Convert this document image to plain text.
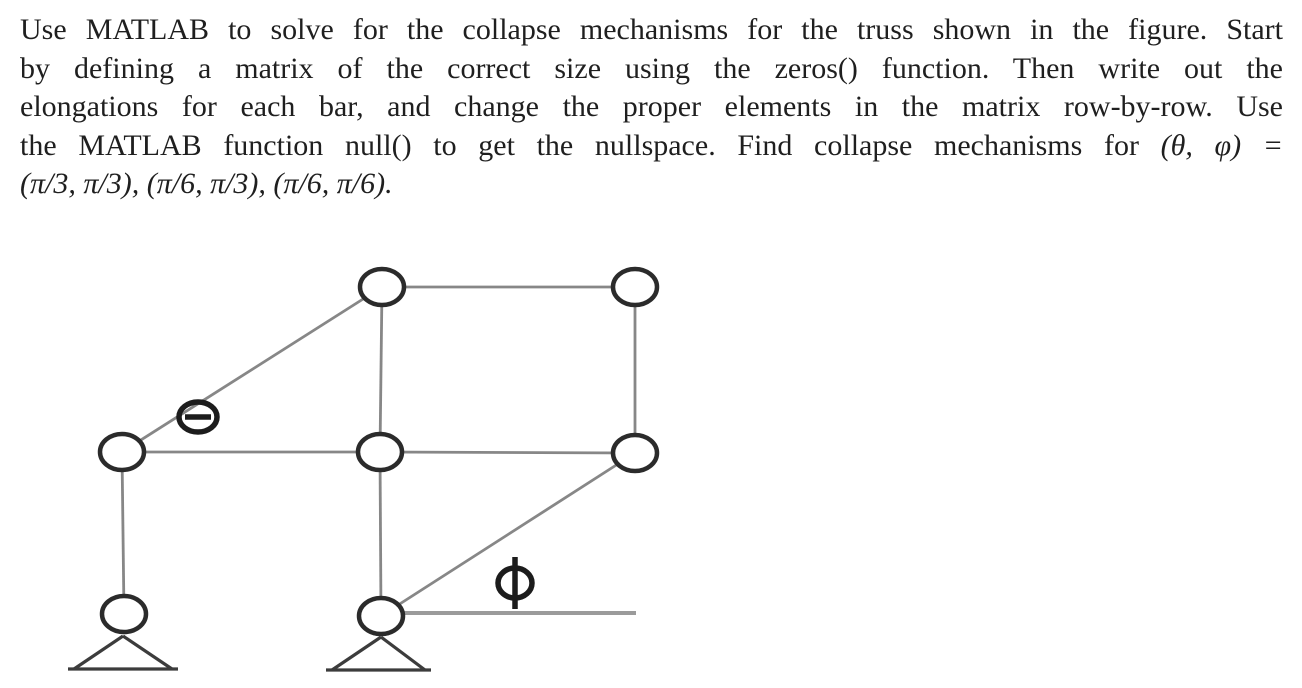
Use MATLAB to solve for the collapse mechanisms for the truss shown in the figure. Start
by defining a matrix of the correct size using the zeros() function. Then write out the
elongations for each bar, and change the proper elements in the matrix row-by-row. Use
the MATLAB function null() to get the nullspace. Find collapse mechanisms for (θ, φ) =
(π/3, π/3), (π/6, π/3), (π/6, π/6).
